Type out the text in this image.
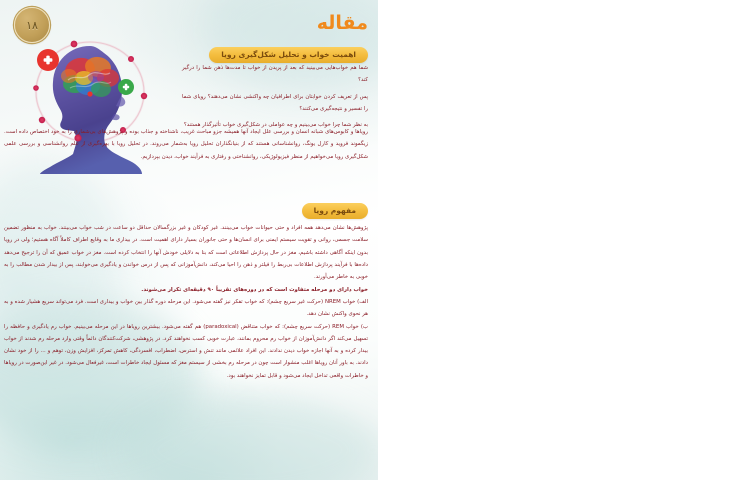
۱۸	مقاله
اهمیت خواب و تحلیل شکل‌گیری رویا

شما هم خواب‌هایی می‌بینید که بعد از پریدن از خواب تا مدت‌ها ذهن شما را درگیر کند؟

پس از تعریف کردن خوابتان برای اطرافیان چه واکنشی نشان می‌دهند؟ رویای شما را تفسیر و نتیجه‌گیری می‌کنند؟

به نظر شما چرا خواب می‌بینیم و چه عواملی در شکل‌گیری خواب تأثیرگذار هستند؟

رویاها و کابوس‌های شبانه انسان و بررسی علل ایجاد آنها همیشه جزو مباحث غریب، ناشناخته و جذاب بوده و پژوهش‌های بی‌شماری را به خود اختصاص داده است. زیگموند فروید و کارل یونگ، روانشناسانی هستند که از بنیانگذاران تحلیل رویا به‌شمار می‌روند. در تحلیل رویا با بهره‌گیری از علم روانشناسی و بررسی علمی شکل‌گیری رویا می‌خواهیم از منظر فیزیولوژیکی، روانشناختی و رفتاری به فرآیند خواب، دیدن بپردازیم.

مفهوم رویا

پژوهش‌ها نشان می‌دهد همه افراد و حتی حیوانات خواب می‌بینند. غیر کودکان و غیر بزرگسالان حداقل دو ساعت در شب خواب می‌بینند. خواب به منظور تضمین سلامت جسمی، روانی و تقویت سیستم ایمنی برای انسان‌ها و حتی جانوران بسیار دارای اهمیت است. در بیداری ما به وقایع اطراف کاملاً آگاه هستیم؛ ولی در رویا بدون اینکه آگاهی داشته باشیم، مغز در حال پردازش اطلاعاتی است که بنا به دلایلی خودش آنها را انتخاب کرده است. مغز در خواب عمیق که آن را ترجیح می‌دهد داده‌ها با فرآیند پردازش اطلاعات بی‌ربط را فیلتر و ذهن را احیا می‌کند، دانش‌آموزانی که پس از درس خواندن و یادگیری می‌خوابند، پس از بیدار شدن مطالب را به خوبی به خاطر می‌آورند.

خواب دارای دو مرحله متفاوت است که در دوره‌های تقریباً ۹۰ دقیقه‌ای تکرار می‌شوند.

الف) خواب NREM (حرکت غیر سریع چشم): که خواب تفکر نیز گفته می‌شود. این مرحله دوره گذار بین خواب و بیداری است. فرد می‌تواند سریع هشیار شده و به هر نحوی واکنش نشان دهد.

ب) خواب REM (حرکت سریع چشم): که خواب متناقض (paradoxical) هم گفته می‌شود. بیشترین رویاها در این مرحله می‌بینیم. خواب رم یادگیری و حافظه را تسهیل می‌کند اگر دانش‌آموزان از خواب رم محروم بمانند، عبارت خوبی کسب نخواهند کرد. در پژوهشی، شرکت‌کنندگان دائماً وقتی وارد مرحله رم شدند از خواب بیدار کرده و به آنها اجازه خواب دیدن ندادند. این افراد علائمی مانند تنش و استرس، اضطراب، افسردگی، کاهش تمرکز، افزایش وزن، توهم و ... را از خود نشان دادند. به باور آنان رویاها اغلب منشوار است چون در مرحله رم بخشی از سیستم مغز که مسئول ایجاد خاطرات است، غیرفعال می‌شود. در غیر این‌صورت در رویاها و خاطرات واقعی تداخل ایجاد می‌شود و قابل تمایز نخواهند بود.
